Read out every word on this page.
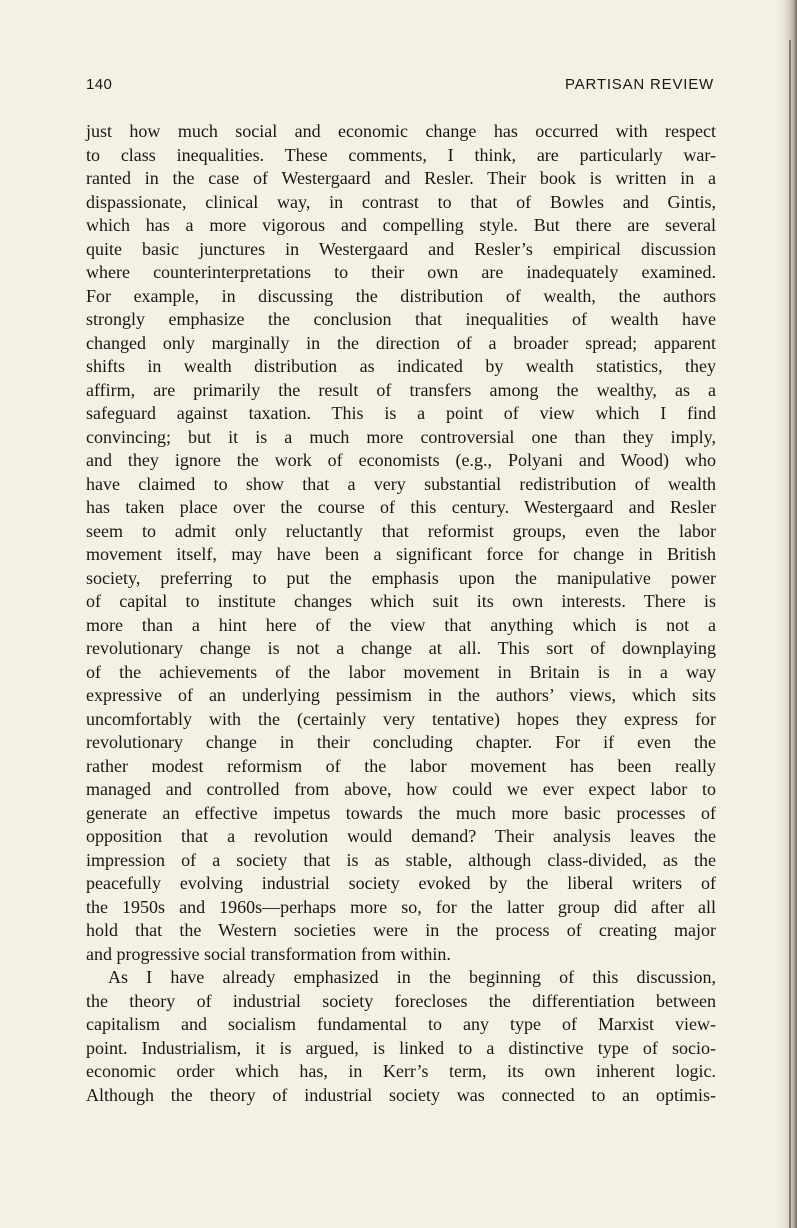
140	PARTISAN REVIEW
just how much social and economic change has occurred with respect
to class inequalities. These comments, I think, are particularly war-
ranted in the case of Westergaard and Resler. Their book is written in a
dispassionate, clinical way, in contrast to that of Bowles and Gintis,
which has a more vigorous and compelling style. But there are several
quite basic junctures in Westergaard and Resler’s empirical discussion
where counterinterpretations to their own are inadequately examined.
For example, in discussing the distribution of wealth, the authors
strongly emphasize the conclusion that inequalities of wealth have
changed only marginally in the direction of a broader spread; apparent
shifts in wealth distribution as indicated by wealth statistics, they
affirm, are primarily the result of transfers among the wealthy, as a
safeguard against taxation. This is a point of view which I find
convincing; but it is a much more controversial one than they imply,
and they ignore the work of economists (e.g., Polyani and Wood) who
have claimed to show that a very substantial redistribution of wealth
has taken place over the course of this century. Westergaard and Resler
seem to admit only reluctantly that reformist groups, even the labor
movement itself, may have been a significant force for change in British
society, preferring to put the emphasis upon the manipulative power
of capital to institute changes which suit its own interests. There is
more than a hint here of the view that anything which is not a
revolutionary change is not a change at all. This sort of downplaying
of the achievements of the labor movement in Britain is in a way
expressive of an underlying pessimism in the authors’ views, which sits
uncomfortably with the (certainly very tentative) hopes they express for
revolutionary change in their concluding chapter. For if even the
rather modest reformism of the labor movement has been really
managed and controlled from above, how could we ever expect labor to
generate an effective impetus towards the much more basic processes of
opposition that a revolution would demand? Their analysis leaves the
impression of a society that is as stable, although class-divided, as the
peacefully evolving industrial society evoked by the liberal writers of
the 1950s and 1960s—perhaps more so, for the latter group did after all
hold that the Western societies were in the process of creating major
and progressive social transformation from within.
As I have already emphasized in the beginning of this discussion,
the theory of industrial society forecloses the differentiation between
capitalism and socialism fundamental to any type of Marxist view-
point. Industrialism, it is argued, is linked to a distinctive type of socio-
economic order which has, in Kerr’s term, its own inherent logic.
Although the theory of industrial society was connected to an optimis-
